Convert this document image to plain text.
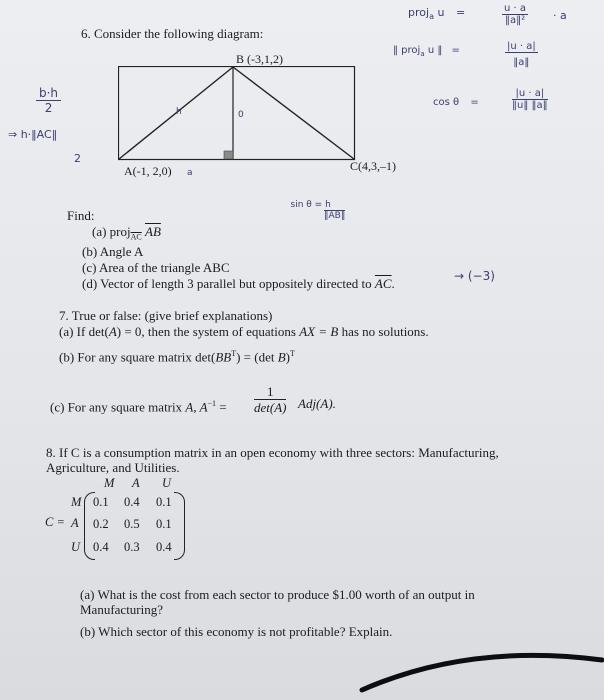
proj$_a$ u =	$\frac{u \cdot a}{\text{‖a‖²}} \cdot a$
‖ proj$_a$ u ‖ =	$\frac{|u \cdot a|}{‖a‖}$
cos θ =	$\frac{|u \cdot a|}{‖u‖ ‖a‖}$
$\frac{b\cdot h}{2}$
⇒ h·‖AC‖
2
6. Consider the following diagram:
B (-3,1,2)
A(-1, 2,0)	C(4,3,–1)
h	0
a
$\frac{\text{sin θ = h}}{‖AB‖}$
Find:
(a) proj$_{\overline{AC}}$ $\overline{AB}$
(b) Angle A
(c) Area of the triangle ABC
(d) Vector of length 3 parallel but oppositely directed to $\overline{AC}$.	→ (−3)
7. True or false: (give brief explanations)
(a) If det(A) = 0, then the system of equations AX = B has no solutions.
(b) For any square matrix $\det(BB^T) = (\det$ B)$^T$
(c) For any square matrix A, $A^{-1}$ =
1
det(A) Adj(A).
8. If C is a consumption matrix in an open economy with three sectors: Manufacturing,
Agriculture, and Utilities.
M A U
C =
M
A
U
0.1 0.4 0.1
0.2 0.5 0.1
0.4 0.3 0.4
(a) What is the cost from each sector to produce $1.00 worth of an output in
Manufacturing?
(b) Which sector of this economy is not profitable? Explain.
